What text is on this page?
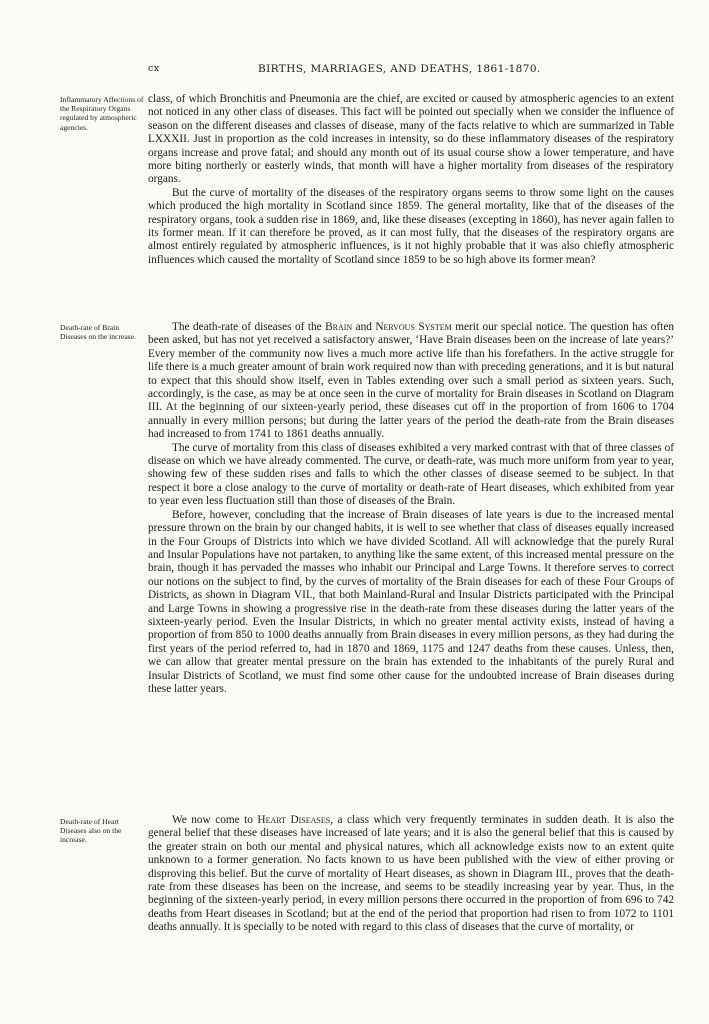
cx	BIRTHS, MARRIAGES, AND DEATHS, 1861-1870.
Inflammatory Affections of the Respiratory Organs regulated by atmospheric agencies.
Death-rate of Brain Diseases on the increase.
Death-rate of Heart Diseases also on the increase.

class, of which Bronchitis and Pneumonia are the chief, are excited or caused by atmospheric agencies to an extent not noticed in any other class of diseases. This fact will be pointed out specially when we consider the influence of season on the different diseases and classes of disease, many of the facts relative to which are summarized in Table LXXXII. Just in proportion as the cold increases in intensity, so do these inflammatory diseases of the respiratory organs increase and prove fatal; and should any month out of its usual course show a lower temperature, and have more biting northerly or easterly winds, that month will have a higher mortality from diseases of the respiratory organs.

But the curve of mortality of the diseases of the respiratory organs seems to throw some light on the causes which produced the high mortality in Scotland since 1859. The general mortality, like that of the diseases of the respiratory organs, took a sudden rise in 1869, and, like these diseases (excepting in 1860), has never again fallen to its former mean. If it can therefore be proved, as it can most fully, that the diseases of the respiratory organs are almost entirely regulated by atmospheric influences, is it not highly probable that it was also chiefly atmospheric influences which caused the mortality of Scotland since 1859 to be so high above its former mean?

The death-rate of diseases of the Brain and Nervous System merit our special notice. The question has often been asked, but has not yet received a satisfactory answer, ‘Have Brain diseases been on the increase of late years?’ Every member of the community now lives a much more active life than his forefathers. In the active struggle for life there is a much greater amount of brain work required now than with preceding generations, and it is but natural to expect that this should show itself, even in Tables extending over such a small period as sixteen years. Such, accordingly, is the case, as may be at once seen in the curve of mortality for Brain diseases in Scotland on Diagram III. At the beginning of our sixteen-yearly period, these diseases cut off in the proportion of from 1606 to 1704 annually in every million persons; but during the latter years of the period the death-rate from the Brain diseases had increased to from 1741 to 1861 deaths annually.

The curve of mortality from this class of diseases exhibited a very marked contrast with that of three classes of disease on which we have already commented. The curve, or death-rate, was much more uniform from year to year, showing few of these sudden rises and falls to which the other classes of disease seemed to be subject. In that respect it bore a close analogy to the curve of mortality or death-rate of Heart diseases, which exhibited from year to year even less fluctuation still than those of diseases of the Brain.

Before, however, concluding that the increase of Brain diseases of late years is due to the increased mental pressure thrown on the brain by our changed habits, it is well to see whether that class of diseases equally increased in the Four Groups of Districts into which we have divided Scotland. All will acknowledge that the purely Rural and Insular Populations have not partaken, to anything like the same extent, of this increased mental pressure on the brain, though it has pervaded the masses who inhabit our Principal and Large Towns. It therefore serves to correct our notions on the subject to find, by the curves of mortality of the Brain diseases for each of these Four Groups of Districts, as shown in Diagram VII., that both Mainland-Rural and Insular Districts participated with the Principal and Large Towns in showing a progressive rise in the death-rate from these diseases during the latter years of the sixteen-yearly period. Even the Insular Districts, in which no greater mental activity exists, instead of having a proportion of from 850 to 1000 deaths annually from Brain diseases in every million persons, as they had during the first years of the period referred to, had in 1870 and 1869, 1175 and 1247 deaths from these causes. Unless, then, we can allow that greater mental pressure on the brain has extended to the inhabitants of the purely Rural and Insular Districts of Scotland, we must find some other cause for the undoubted increase of Brain diseases during these latter years.

We now come to Heart Diseases, a class which very frequently terminates in sudden death. It is also the general belief that these diseases have increased of late years; and it is also the general belief that this is caused by the greater strain on both our mental and physical natures, which all acknowledge exists now to an extent quite unknown to a former generation. No facts known to us have been published with the view of either proving or disproving this belief. But the curve of mortality of Heart diseases, as shown in Diagram III., proves that the death-rate from these diseases has been on the increase, and seems to be steadily increasing year by year. Thus, in the beginning of the sixteen-yearly period, in every million persons there occurred in the proportion of from 696 to 742 deaths from Heart diseases in Scotland; but at the end of the period that proportion had risen to from 1072 to 1101 deaths annually. It is specially to be noted with regard to this class of diseases that the curve of mortality, or
